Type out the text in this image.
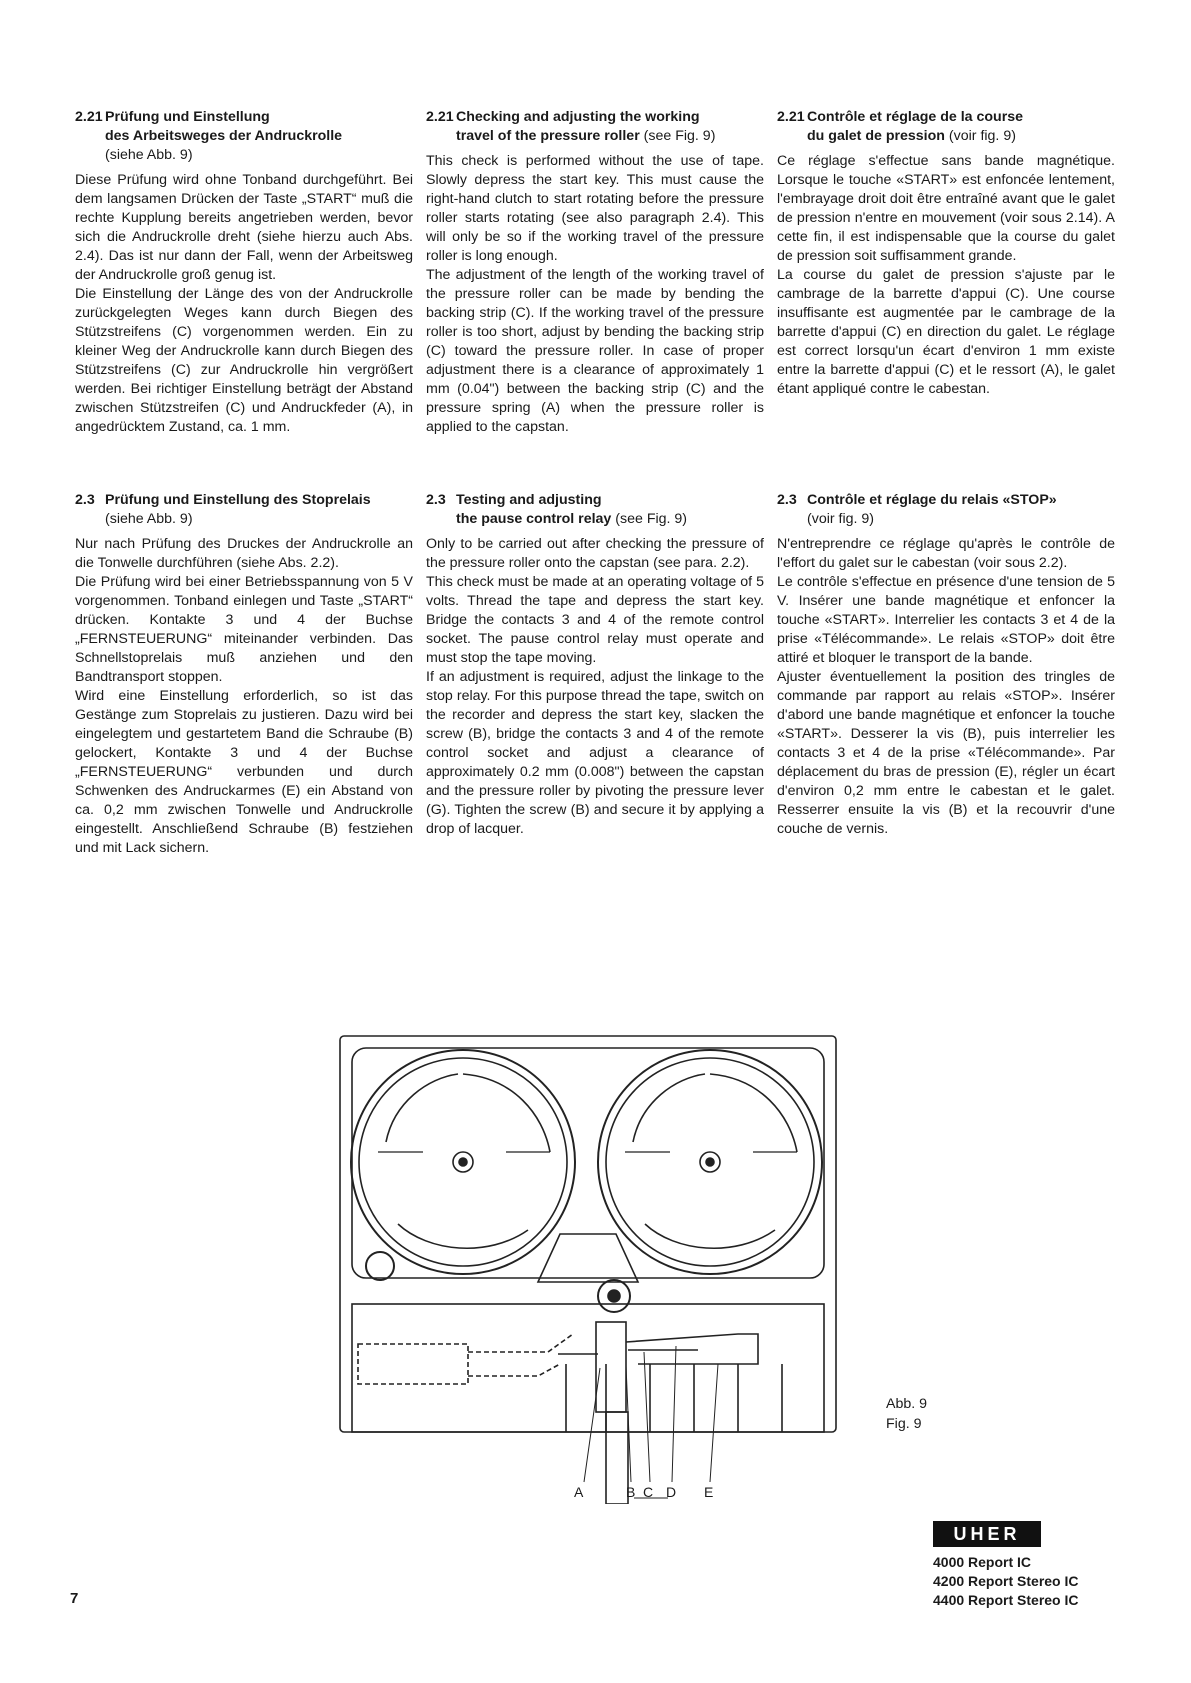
2.21 Prüfung und Einstellung

des Arbeitsweges der Andruckrolle

(siehe Abb. 9)

Diese Prüfung wird ohne Tonband durchgeführt. Bei dem langsamen Drücken der Taste „START“ muß die rechte Kupplung bereits angetrieben werden, bevor sich die Andruckrolle dreht (siehe hierzu auch Abs. 2.4). Das ist nur dann der Fall, wenn der Arbeitsweg der Andruckrolle groß genug ist.

Die Einstellung der Länge des von der Andruckrolle zurückgelegten Weges kann durch Biegen des Stützstreifens (C) vorgenommen werden. Ein zu kleiner Weg der Andruckrolle kann durch Biegen des Stützstreifens (C) zur Andruckrolle hin vergrößert werden. Bei richtiger Einstellung beträgt der Abstand zwischen Stützstreifen (C) und Andruckfeder (A), in angedrücktem Zustand, ca. 1 mm.

2.21 Checking and adjusting the working

travel of the pressure roller (see Fig. 9)

This check is performed without the use of tape. Slowly depress the start key. This must cause the right-hand clutch to start rotating before the pressure roller starts rotating (see also paragraph 2.4). This will only be so if the working travel of the pressure roller is long enough.

The adjustment of the length of the working travel of the pressure roller can be made by bending the backing strip (C). If the working travel of the pressure roller is too short, adjust by bending the backing strip (C) toward the pressure roller. In case of proper adjustment there is a clearance of approximately 1 mm (0.04") between the backing strip (C) and the pressure spring (A) when the pressure roller is applied to the capstan.

2.21 Contrôle et réglage de la course

du galet de pression (voir fig. 9)

Ce réglage s'effectue sans bande magnétique. Lorsque le touche «START» est enfoncée lentement, l'embrayage droit doit être entraîné avant que le galet de pression n'entre en mouvement (voir sous 2.14). A cette fin, il est indispensable que la course du galet de pression soit suffisamment grande.

La course du galet de pression s'ajuste par le cambrage de la barrette d'appui (C). Une course insuffisante est augmentée par le cambrage de la barrette d'appui (C) en direction du galet. Le réglage est correct lorsqu'un écart d'environ 1 mm existe entre la barrette d'appui (C) et le ressort (A), le galet étant appliqué contre le cabestan.

2.3 Prüfung und Einstellung des Stoprelais

(siehe Abb. 9)

Nur nach Prüfung des Druckes der Andruckrolle an die Tonwelle durchführen (siehe Abs. 2.2).

Die Prüfung wird bei einer Betriebsspannung von 5 V vorgenommen. Tonband einlegen und Taste „START“ drücken. Kontakte 3 und 4 der Buchse „FERNSTEUERUNG“ miteinander verbinden. Das Schnellstoprelais muß anziehen und den Bandtransport stoppen.

Wird eine Einstellung erforderlich, so ist das Gestänge zum Stoprelais zu justieren. Dazu wird bei eingelegtem und gestartetem Band die Schraube (B) gelockert, Kontakte 3 und 4 der Buchse „FERNSTEUERUNG“ verbunden und durch Schwenken des Andruckarmes (E) ein Abstand von ca. 0,2 mm zwischen Tonwelle und Andruckrolle eingestellt. Anschließend Schraube (B) festziehen und mit Lack sichern.

2.3 Testing and adjusting

the pause control relay (see Fig. 9)

Only to be carried out after checking the pressure of the pressure roller onto the capstan (see para. 2.2).

This check must be made at an operating voltage of 5 volts. Thread the tape and depress the start key. Bridge the contacts 3 and 4 of the remote control socket. The pause control relay must operate and must stop the tape moving.

If an adjustment is required, adjust the linkage to the stop relay. For this purpose thread the tape, switch on the recorder and depress the start key, slacken the screw (B), bridge the contacts 3 and 4 of the remote control socket and adjust a clearance of approximately 0.2 mm (0.008") between the capstan and the pressure roller by pivoting the pressure lever (G). Tighten the screw (B) and secure it by applying a drop of lacquer.

2.3 Contrôle et réglage du relais «STOP»

(voir fig. 9)

N'entreprendre ce réglage qu'après le contrôle de l'effort du galet sur le cabestan (voir sous 2.2).

Le contrôle s'effectue en présence d'une tension de 5 V. Insérer une bande magnétique et enfoncer la touche «START». Interrelier les contacts 3 et 4 de la prise «Télécommande». Le relais «STOP» doit être attiré et bloquer le transport de la bande.

Ajuster éventuellement la position des tringles de commande par rapport au relais «STOP». Insérer d'abord une bande magnétique et enfoncer la touche «START». Desserer la vis (B), puis interrelier les contacts 3 et 4 de la prise «Télécommande». Par déplacement du bras de pression (E), régler un écart d'environ 0,2 mm entre le cabestan et le galet. Resserrer ensuite la vis (B) et la recouvrir d'une couche de vernis.

A	B C D E
Abb. 9
Fig. 9
7
UHER
4000 Report IC
4200 Report Stereo IC
4400 Report Stereo IC
